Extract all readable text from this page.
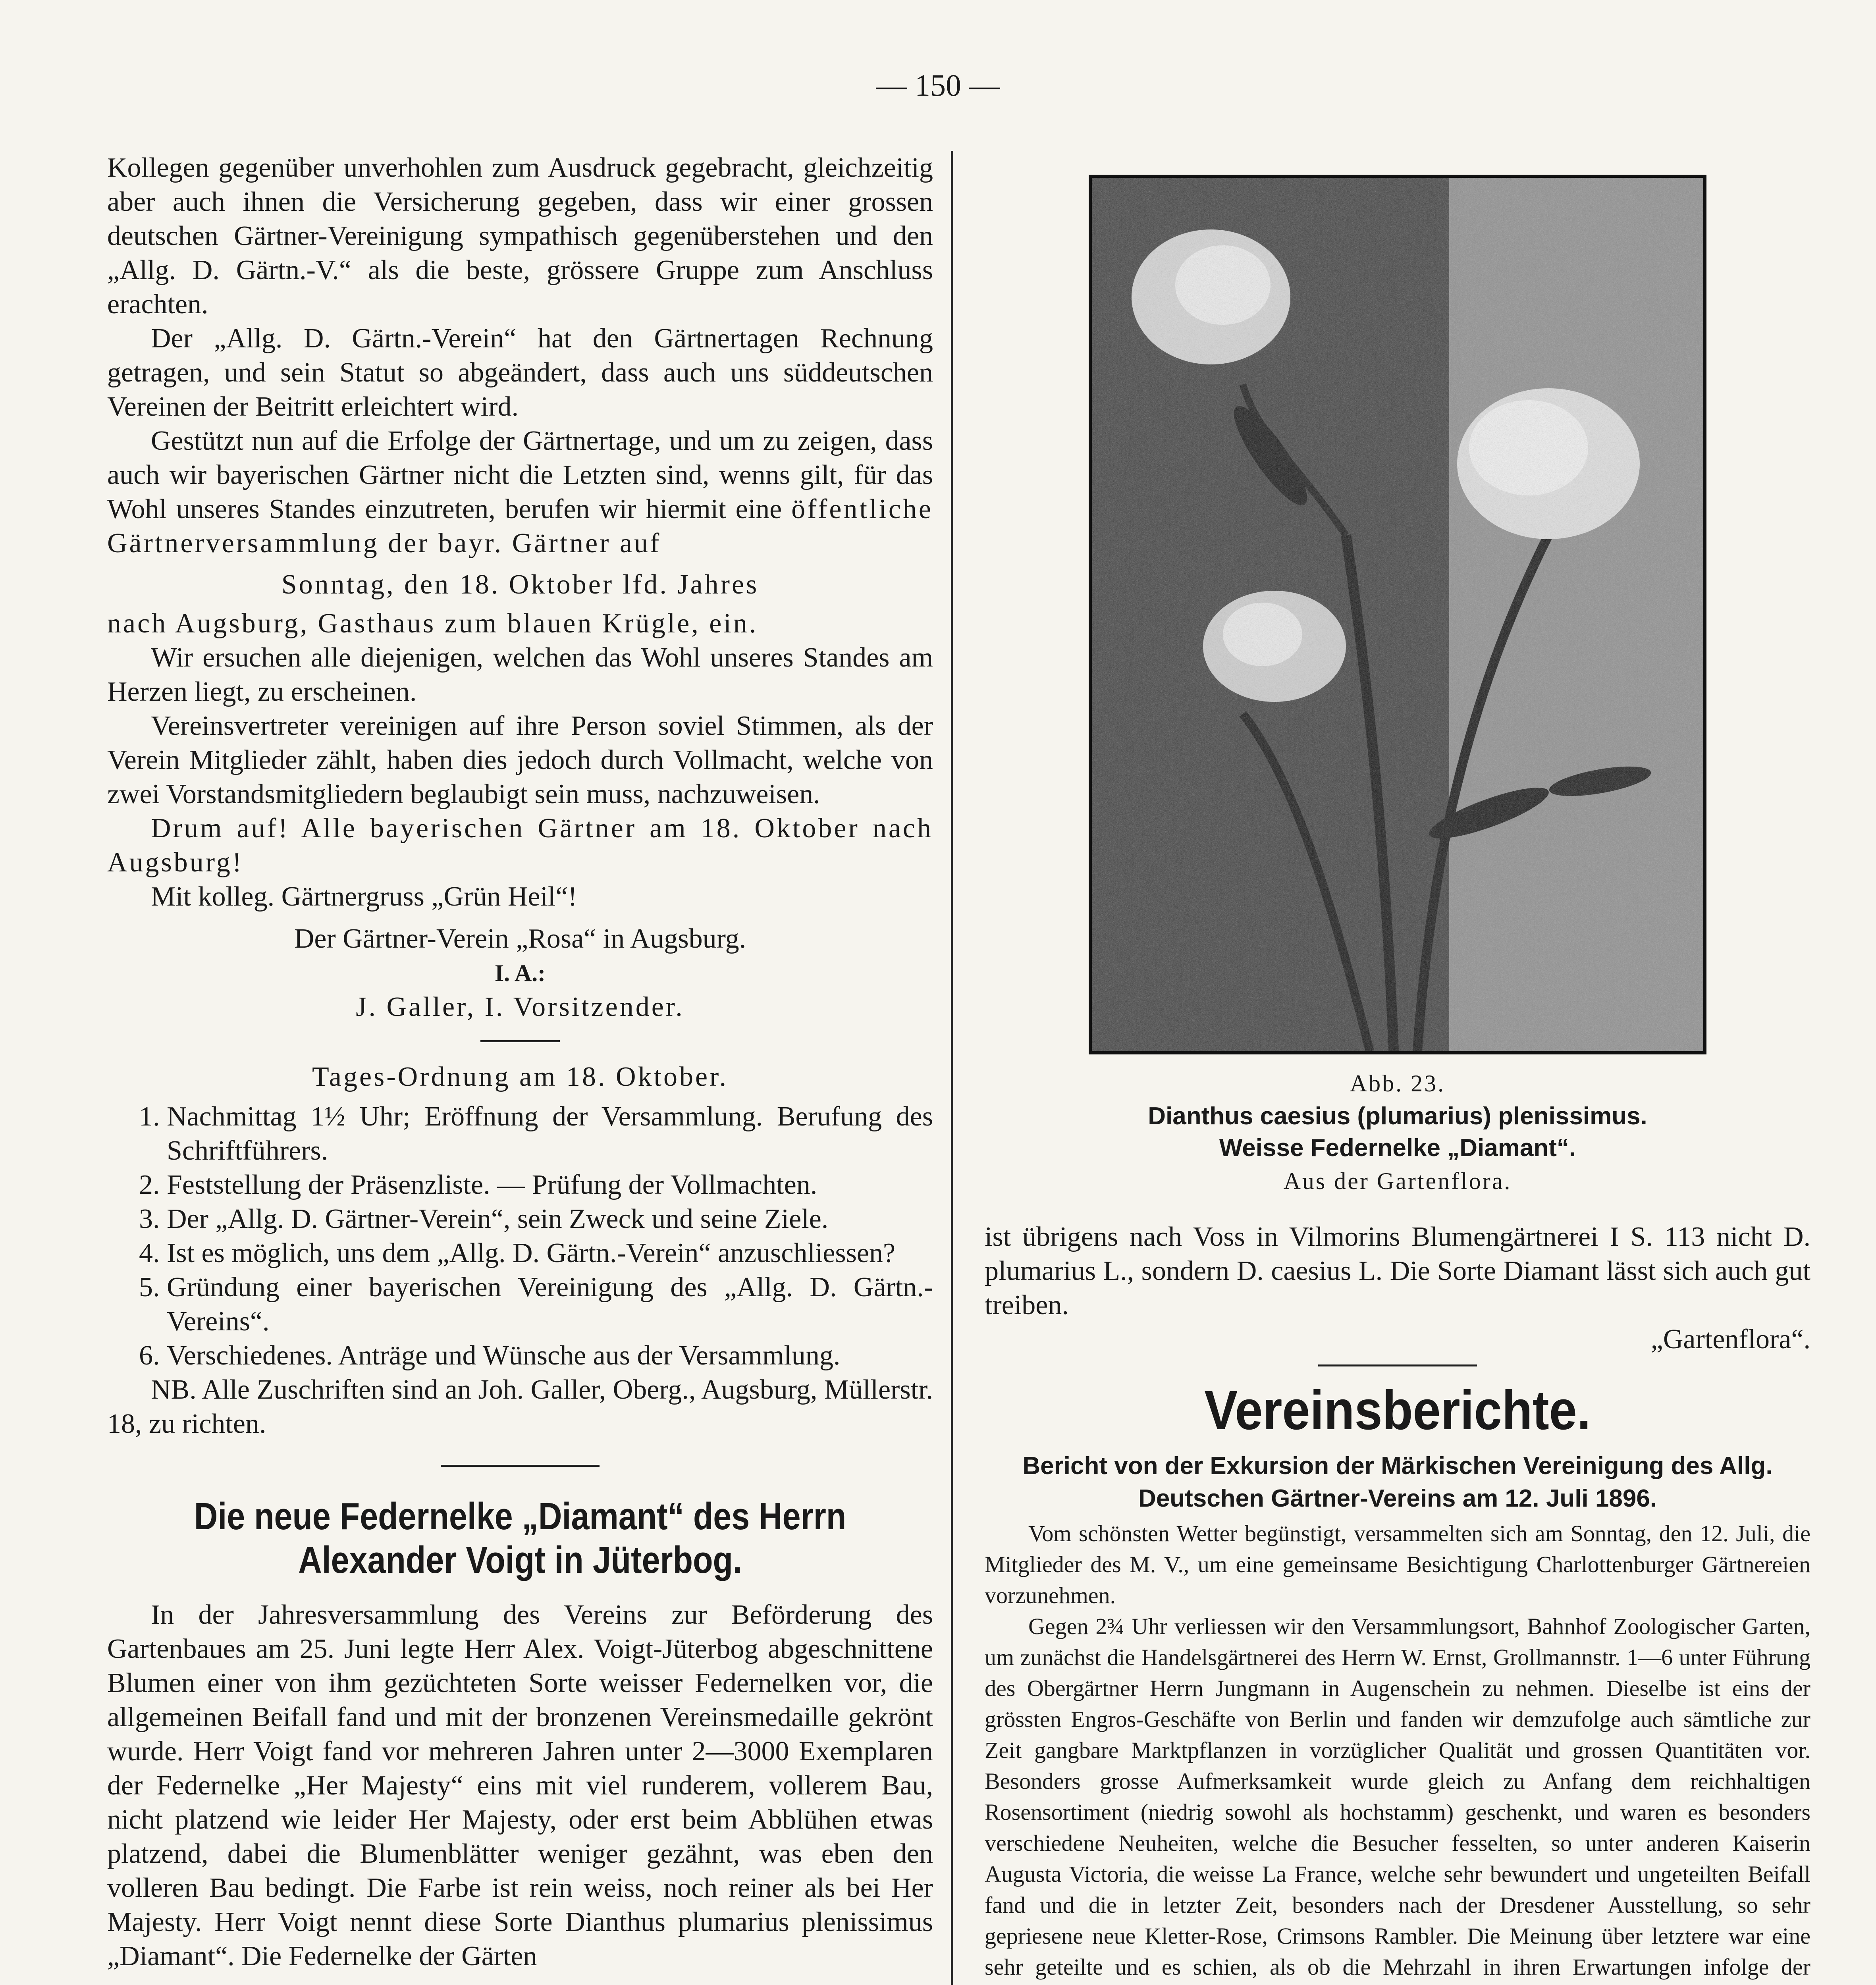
— 150 —

Kollegen gegenüber unverhohlen zum Ausdruck gegebracht, gleichzeitig aber auch ihnen die Versicherung gegeben, dass wir einer grossen deutschen Gärtner-Vereinigung sympathisch gegenüberstehen und den „Allg. D. Gärtn.-V.“ als die beste, grössere Gruppe zum Anschluss erachten.

Der „Allg. D. Gärtn.-Verein“ hat den Gärtnertagen Rechnung getragen, und sein Statut so abgeändert, dass auch uns süddeutschen Vereinen der Beitritt erleichtert wird.

Gestützt nun auf die Erfolge der Gärtnertage, und um zu zeigen, dass auch wir bayerischen Gärtner nicht die Letzten sind, wenns gilt, für das Wohl unseres Standes einzutreten, berufen wir hiermit eine öffentliche Gärtnerversammlung der bayr. Gärtner auf

Sonntag, den 18. Oktober lfd. Jahres

nach Augsburg, Gasthaus zum blauen Krügle, ein.

Wir ersuchen alle diejenigen, welchen das Wohl unseres Standes am Herzen liegt, zu erscheinen.

Vereinsvertreter vereinigen auf ihre Person soviel Stimmen, als der Verein Mitglieder zählt, haben dies jedoch durch Vollmacht, welche von zwei Vorstandsmitgliedern beglaubigt sein muss, nachzuweisen.

Drum auf! Alle bayerischen Gärtner am 18. Oktober nach Augsburg!

Mit kolleg. Gärtnergruss „Grün Heil“!

Der Gärtner-Verein „Rosa“ in Augsburg.

I. A.:

J. Galler, I. Vorsitzender.

Tages-Ordnung am 18. Oktober.

1. Nachmittag 1½ Uhr; Eröffnung der Versammlung. Berufung des Schriftführers.
2. Feststellung der Präsenzliste. — Prüfung der Vollmachten.
3. Der „Allg. D. Gärtner-Verein“, sein Zweck und seine Ziele.
4. Ist es möglich, uns dem „Allg. D. Gärtn.-Verein“ anzuschliessen?
5. Gründung einer bayerischen Vereinigung des „Allg. D. Gärtn.-Vereins“.
6. Verschiedenes. Anträge und Wünsche aus der Versammlung.

NB. Alle Zuschriften sind an Joh. Galler, Oberg., Augsburg, Müllerstr. 18, zu richten.

Die neue Federnelke „Diamant“ des Herrn Alexander Voigt in Jüterbog.

In der Jahresversammlung des Vereins zur Beförderung des Gartenbaues am 25. Juni legte Herr Alex. Voigt-Jüterbog abgeschnittene Blumen einer von ihm gezüchteten Sorte weisser Federnelken vor, die allgemeinen Beifall fand und mit der bronzenen Vereinsmedaille gekrönt wurde. Herr Voigt fand vor mehreren Jahren unter 2—3000 Exemplaren der Federnelke „Her Majesty“ eins mit viel runderem, vollerem Bau, nicht platzend wie leider Her Majesty, oder erst beim Abblühen etwas platzend, dabei die Blumenblätter weniger gezähnt, was eben den volleren Bau bedingt. Die Farbe ist rein weiss, noch reiner als bei Her Majesty. Herr Voigt nennt diese Sorte Dianthus plumarius plenissimus „Diamant“. Die Federnelke der Gärten

Abb. 23.

Dianthus caesius (plumarius) plenissimus.

Weisse Federnelke „Diamant“.

Aus der Gartenflora.

ist übrigens nach Voss in Vilmorins Blumengärtnerei I S. 113 nicht D. plumarius L., sondern D. caesius L. Die Sorte Diamant lässt sich auch gut treiben.

„Gartenflora“.

Vereinsberichte.
Bericht von der Exkursion der Märkischen Vereinigung des Allg. Deutschen Gärtner-Vereins am 12. Juli 1896.

Vom schönsten Wetter begünstigt, versammelten sich am Sonntag, den 12. Juli, die Mitglieder des M. V., um eine gemeinsame Besichtigung Charlottenburger Gärtnereien vorzunehmen.

Gegen 2¾ Uhr verliessen wir den Versammlungsort, Bahnhof Zoologischer Garten, um zunächst die Handelsgärtnerei des Herrn W. Ernst, Grollmannstr. 1—6 unter Führung des Obergärtner Herrn Jungmann in Augenschein zu nehmen. Dieselbe ist eins der grössten Engros-Geschäfte von Berlin und fanden wir demzufolge auch sämtliche zur Zeit gangbare Marktpflanzen in vorzüglicher Qualität und grossen Quantitäten vor. Besonders grosse Aufmerksamkeit wurde gleich zu Anfang dem reichhaltigen Rosensortiment (niedrig sowohl als hochstamm) geschenkt, und waren es besonders verschiedene Neuheiten, welche die Besucher fesselten, so unter anderen Kaiserin Augusta Victoria, die weisse La France, welche sehr bewundert und ungeteilten Beifall fand und die in letzter Zeit, besonders nach der Dresdener Ausstellung, so sehr gepriesene neue Kletter-Rose, Crimsons Rambler. Die Meinung über letztere war eine sehr geteilte und es schien, als ob die Mehrzahl in ihren Erwartungen infolge der
